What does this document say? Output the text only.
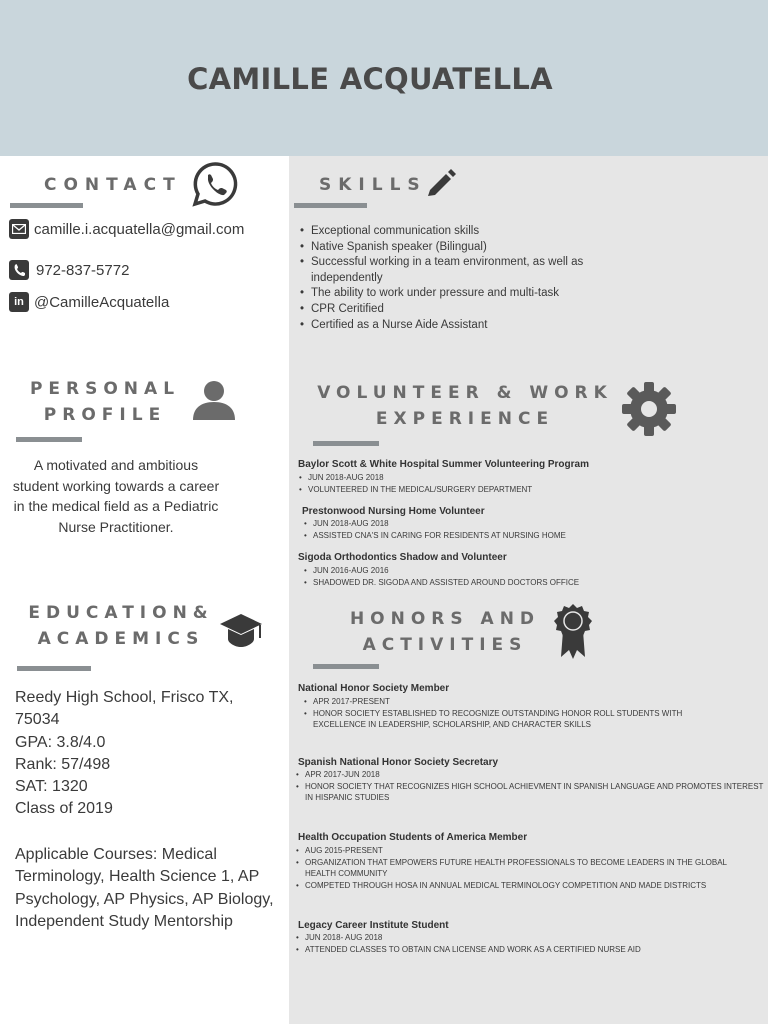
CAMILLE ACQUATELLA
CONTACT
camille.i.acquatella@gmail.com
972-837-5772
in @CamilleAcquatella
SKILLS
• Exceptional communication skills
• Native Spanish speaker (Bilingual)
• Successful working in a team environment, as well as independently
• The ability to work under pressure and multi-task
• CPR Ceritified
• Certified as a Nurse Aide Assistant
PERSONAL
PROFILE
A motivated and ambitious student working towards a career in the medical field as a Pediatric Nurse Practitioner.
EDUCATION&
ACADEMICS
Reedy High School, Frisco TX,
75034
GPA: 3.8/4.0
Rank: 57/498
SAT: 1320
Class of 2019
Applicable Courses: Medical Terminology, Health Science 1, AP Psychology, AP Physics, AP Biology, Independent Study Mentorship
VOLUNTEER & WORK
EXPERIENCE
Baylor Scott & White Hospital Summer Volunteering Program
• JUN 2018-AUG 2018
• VOLUNTEERED IN THE MEDICAL/SURGERY DEPARTMENT
Prestonwood Nursing Home Volunteer
• JUN 2018-AUG 2018
• ASSISTED CNA'S IN CARING FOR RESIDENTS AT NURSING HOME
Sigoda Orthodontics Shadow and Volunteer
• JUN 2016-AUG 2016
• SHADOWED DR. SIGODA AND ASSISTED AROUND DOCTORS OFFICE
HONORS AND
ACTIVITIES
National Honor Society Member
• APR 2017-PRESENT
• HONOR SOCIETY ESTABLISHED TO RECOGNIZE OUTSTANDING HONOR ROLL STUDENTS WITH EXCELLENCE IN LEADERSHIP, SCHOLARSHIP, AND CHARACTER SKILLS
Spanish National Honor Society Secretary
• APR 2017-JUN 2018
• HONOR SOCIETY THAT RECOGNIZES HIGH SCHOOL ACHIEVMENT IN SPANISH LANGUAGE AND PROMOTES INTEREST IN HISPANIC STUDIES
Health Occupation Students of America Member
• AUG 2015-PRESENT
• ORGANIZATION THAT EMPOWERS FUTURE HEALTH PROFESSIONALS TO BECOME LEADERS IN THE GLOBAL HEALTH COMMUNITY
• COMPETED THROUGH HOSA IN ANNUAL MEDICAL TERMINOLOGY COMPETITION AND MADE DISTRICTS
Legacy Career Institute Student
• JUN 2018- AUG 2018
• ATTENDED CLASSES TO OBTAIN CNA LICENSE AND WORK AS A CERTIFIED NURSE AID
